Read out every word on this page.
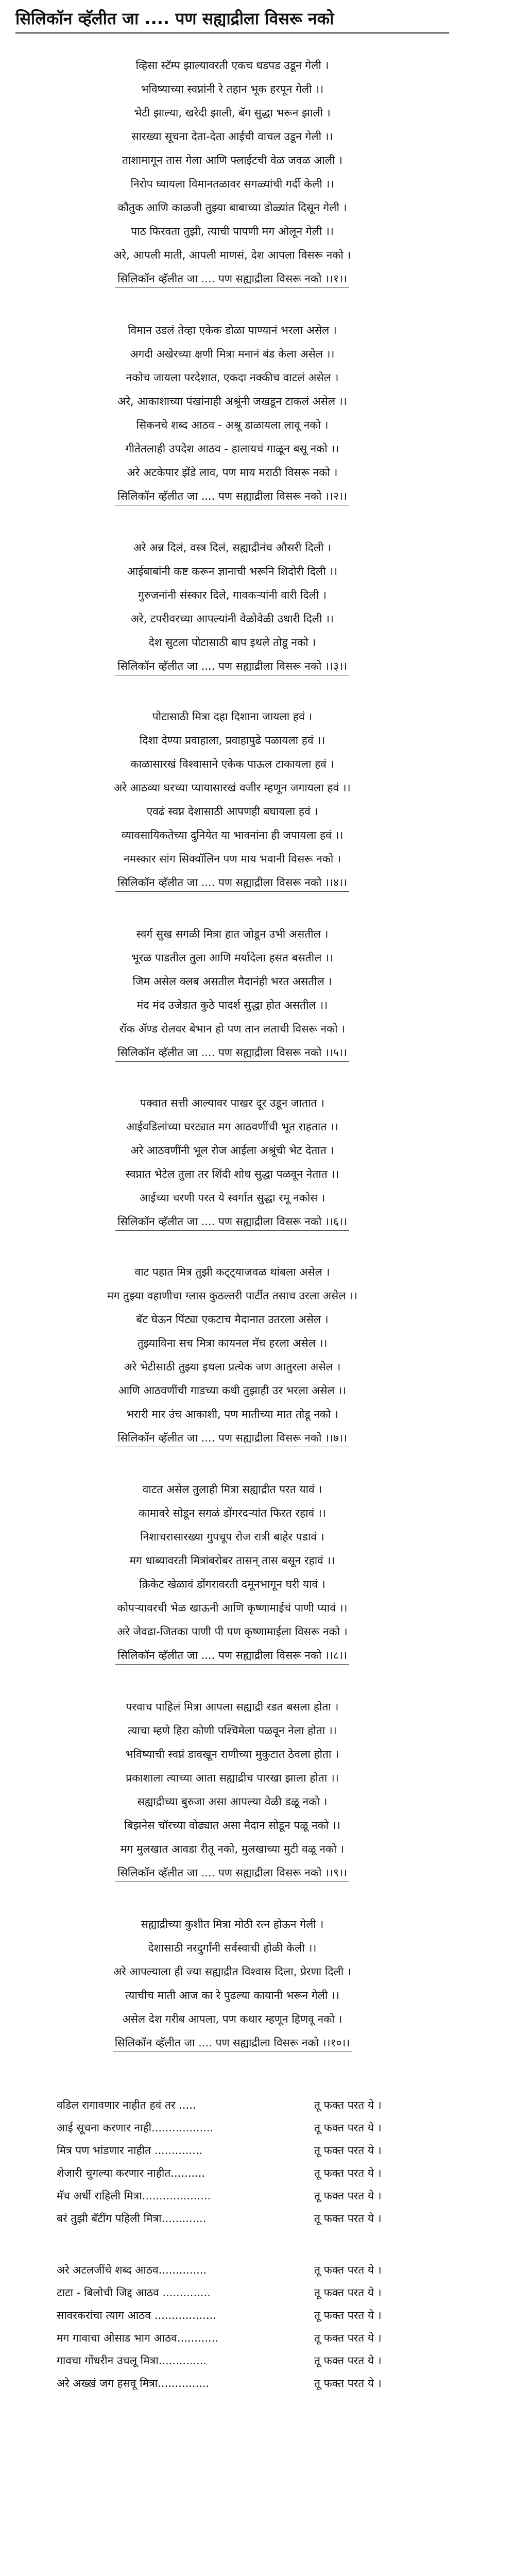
सिलिकॉन व्हॅलीत जा .... पण सह्याद्रीला विसरू नको
व्हिसा स्टॅम्प झाल्यावरती एकच धडपड उडून गेली ।
भविष्याच्या स्वप्नांनी रे तहान भूक हरपून गेली ।।
भेटी झाल्या, खरेदी झाली, बॅग सुद्धा भरून झाली ।
सारख्या सूचना देता-देता आईची वाचल उडून गेली ।।
ताशामागून तास गेला आणि फ्लाईटची वेळ जवळ आली ।
निरोप घ्यायला विमानतळावर सगळ्यांची गर्दी केली ।।
कौतुक आणि काळजी तुझ्या बाबाच्या डोळ्यांत दिसून गेली ।
पाठ फिरवता तुझी, त्याची पापणी मग ओलून गेली ।।
अरे, आपली माती, आपली माणसं, देश आपला विसरू नको ।
सिलिकॉन व्हॅलीत जा .... पण सह्याद्रीला विसरू नको ।।१।।
विमान उडलं तेव्हा एकेक डोळा पाण्यानं भरला असेल ।
अगदी अखेरच्या क्षणी मित्रा मनानं बंड केला असेल ।।
नकोच जायला परदेशात, एकदा नक्कीच वाटलं असेल ।
अरे, आकाशाच्या पंखांनाही अश्रूंनी जखडून टाकलं असेल ।।
सिकनचे शब्द आठव - अश्रू डाळायला लावू नको ।
गीतेतलाही उपदेश आठव - हालायचं गाळून बसू नको ।।
अरे अटकेपार झेंडे लाव, पण माय मराठी विसरू नको ।
सिलिकॉन व्हॅलीत जा .... पण सह्याद्रीला विसरू नको ।।२।।
अरे अन्न दिलं, वस्त्र दिलं, सह्याद्रीनंच औसरी दिली ।
आईबाबांनी कष्ट करून ज्ञानाची भरूनि शिदोरी दिली ।।
गुरुजनांनी संस्कार दिले, गावकऱ्यांनी वारी दिली ।
अरे, टपरीवरच्या आपल्यांनी वेळोवेळी उधारी दिली ।।
देश सुटला पोटासाठी बाप इथले तोडू नको ।
सिलिकॉन व्हॅलीत जा .... पण सह्याद्रीला विसरू नको ।।३।।
पोटासाठी मित्रा दहा दिशाना जायला हवं ।
दिशा देण्या प्रवाहाला, प्रवाहापुढे पळायला हवं ।।
काळासारखं विश्वासाने एकेक पाऊल टाकायला हवं ।
अरे आठव्या घरच्या प्यायासारखं वजीर म्हणून जगायला हवं ।।
एवढं स्वप्न देशासाठी आपणही बघायला हवं ।
व्यावसायिकतेच्या दुनियेत या भावनांना ही जपायला हवं ।।
नमस्कार सांग सिक्वॉलिन पण माय भवानी विसरू नको ।
सिलिकॉन व्हॅलीत जा .... पण सह्याद्रीला विसरू नको ।।४।।
स्वर्ग सुख सगळी मित्रा हात जोडून उभी असतील ।
भूरळ पाडतील तुला आणि मर्यादेला हसत बसतील ।।
जिम असेल क्लब असतील मैदानंही भरत असतील ।
मंद मंद उजेडात कुठे पादर्श सुद्धा होत असतील ।।
रॉक ॲण्ड रोलवर बेभान हो पण तान लताची विसरू नको ।
सिलिकॉन व्हॅलीत जा .... पण सह्याद्रीला विसरू नको ।।५।।
पक्वात सत्ती आल्यावर पाखर दूर उडून जातात ।
आईवडिलांच्या घरट्यात मग आठवणींची भूत राहतात ।।
अरे आठवणींनी भूल रोज आईला अश्रूंची भेट देतात ।
स्वप्नात भेटेल तुला तर शिंदी शोध सुद्धा पळवून नेतात ।।
आईच्या चरणी परत ये स्वर्गात सुद्धा रमू नकोस ।
सिलिकॉन व्हॅलीत जा .... पण सह्याद्रीला विसरू नको ।।६।।
वाट पहात मित्र तुझी कट्ट्याजवळ थांबला असेल ।
मग तुझ्या वहाणीचा ग्लास कुठल्तरी पार्टीत तसाच उरला असेल ।।
बॅट घेऊन पिंट्या एकटाच मैदानात उतरला असेल ।
तुझ्याविना सच मित्रा कायनल मॅच हरला असेल ।।
अरे भेटीसाठी तुझ्या इथला प्रत्येक जण आतुरला असेल ।
आणि आठवणींची गाडच्या कधी तुझाही उर भरला असेल ।।
भरारी मार उंच आकाशी, पण मातीच्या मात तोडू नको ।
सिलिकॉन व्हॅलीत जा .... पण सह्याद्रीला विसरू नको ।।७।।
वाटत असेल तुलाही मित्रा सह्याद्रीत परत यावं ।
कामावरे सोडून सगळं डोंगरदऱ्यांत फिरत रहावं ।।
निशाचरासारख्या गुपचूप रोज रात्री बाहेर पडावं ।
मग धाब्यावरती मित्रांबरोबर तासन् तास बसून रहावं ।।
क्रिकेट खेळावं डोंगरावरती दमूनभागून घरी यावं ।
कोपऱ्यावरची भेळ खाऊनी आणि कृष्णामाईचं पाणी प्यावं ।।
अरे जेवढा-जितका पाणी पी पण कृष्णामाईला विसरू नको ।
सिलिकॉन व्हॅलीत जा .... पण सह्याद्रीला विसरू नको ।।८।।
परवाच पाहिलं मित्रा आपला सह्याद्री रडत बसला होता ।
त्याचा म्हणे हिरा कोणी पश्चिमेला पळवून नेला होता ।।
भविष्याची स्वप्नं डावखून राणीच्या मुकुटात ठेवला होता ।
प्रकाशाला त्याच्या आता सह्याद्रीच पारखा झाला होता ।।
सह्याद्रीच्या बुरुजा असा आपल्या वेळी डळू नको ।
बिझनेस चॉरच्या वोढ्यात असा मैदान सोडून पळू नको ।।
मग मुलखात आवडा रीतू नको, मुलखाच्या मुटी वळू नको ।
सिलिकॉन व्हॅलीत जा .... पण सह्याद्रीला विसरू नको ।।९।।
सह्याद्रीच्या कुशीत मित्रा मोठी रत्न होऊन गेली ।
देशासाठी नरदुर्गांनी सर्वस्वाची होळी केली ।।
अरे आपल्याला ही ज्या सह्याद्रीत विश्वास दिला, प्रेरणा दिली ।
त्याचीच माती आज का रे पुढल्या कायानी भरून गेली ।।
असेल देश गरीब आपला, पण कधार म्हणून हिणवू नको ।
सिलिकॉन व्हॅलीत जा .... पण सह्याद्रीला विसरू नको ।।१०।।
वडिल रागावणार नाहीत हवं तर .....	तू फक्त परत ये ।
आई सूचना करणार नाही..................	तू फक्त परत ये ।
मित्र पण भांडणार नाहीत ..............	तू फक्त परत ये ।
शेजारी चुगल्या करणार नाहीत..........	तू फक्त परत ये ।
मॅच अर्धी राहिली मित्रा....................	तू फक्त परत ये ।
बरं तुझी बॅटींग पहिली मित्रा.............	तू फक्त परत ये ।
अरे अटलजींचे शब्द आठव..............	तू फक्त परत ये ।
टाटा - बिलोची जिद्द आठव ..............	तू फक्त परत ये ।
सावरकरांचा त्याग आठव ..................	तू फक्त परत ये ।
मग गावाचा ओसाड भाग आठव............	तू फक्त परत ये ।
गावचा गोंधरीन उचलू मित्रा..............	तू फक्त परत ये ।
अरे अख्खं जग हसवू मित्रा...............	तू फक्त परत ये ।
